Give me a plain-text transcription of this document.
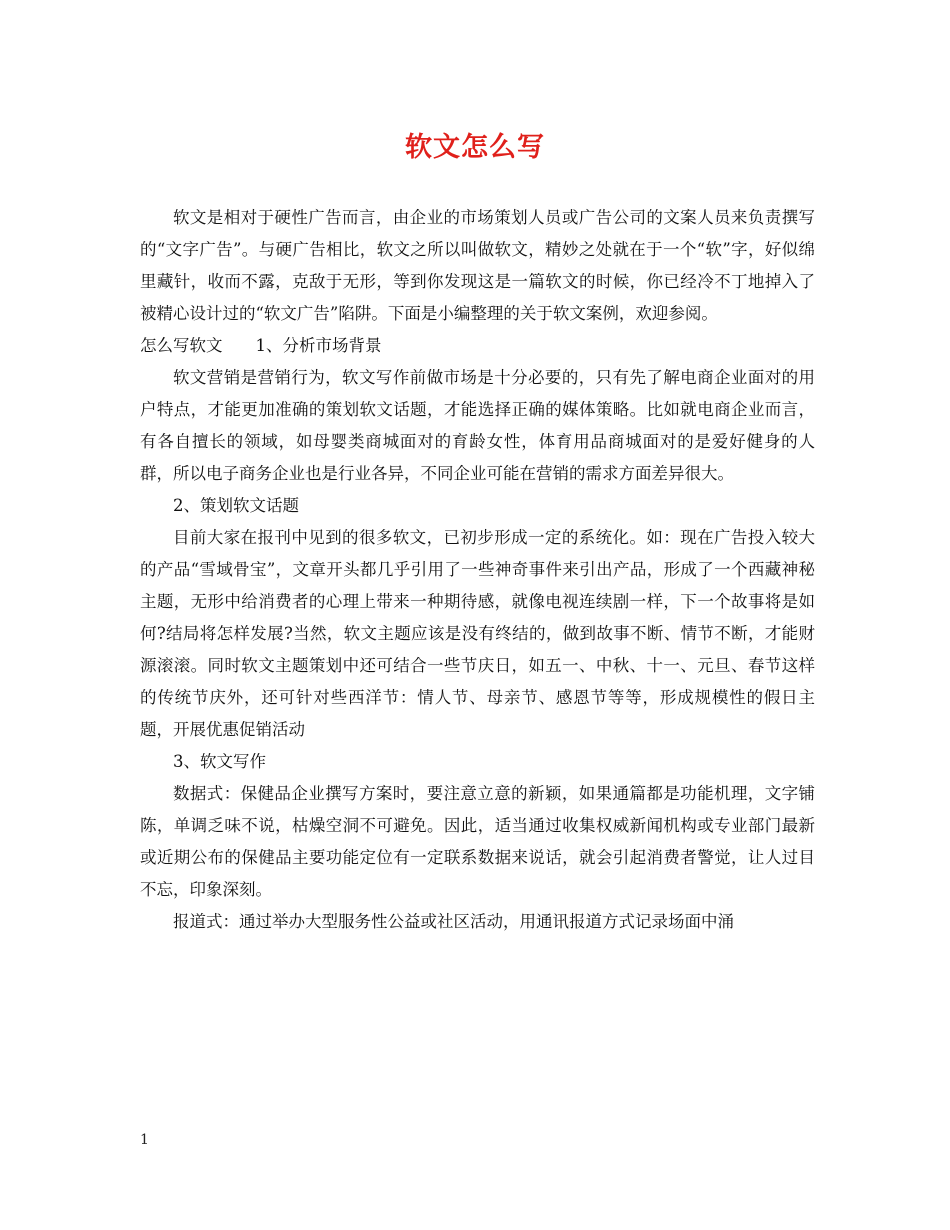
软文怎么写

软文是相对于硬性广告而言，由企业的市场策划人员或广告公司的文案人员来负责撰写的“文字广告”。与硬广告相比，软文之所以叫做软文，精妙之处就在于一个“软”字，好似绵里藏针，收而不露，克敌于无形，等到你发现这是一篇软文的时候，你已经冷不丁地掉入了被精心设计过的“软文广告”陷阱。下面是小编整理的关于软文案例，欢迎参阅。

怎么写软文　　1、分析市场背景

软文营销是营销行为，软文写作前做市场是十分必要的，只有先了解电商企业面对的用户特点，才能更加准确的策划软文话题，才能选择正确的媒体策略。比如就电商企业而言，有各自擅长的领域，如母婴类商城面对的育龄女性，体育用品商城面对的是爱好健身的人群，所以电子商务企业也是行业各异，不同企业可能在营销的需求方面差异很大。

2、策划软文话题

目前大家在报刊中见到的很多软文，已初步形成一定的系统化。如：现在广告投入较大的产品“雪域骨宝”，文章开头都几乎引用了一些神奇事件来引出产品，形成了一个西藏神秘主题，无形中给消费者的心理上带来一种期待感，就像电视连续剧一样，下一个故事将是如何?结局将怎样发展?当然，软文主题应该是没有终结的，做到故事不断、情节不断，才能财源滚滚。同时软文主题策划中还可结合一些节庆日，如五一、中秋、十一、元旦、春节这样的传统节庆外，还可针对些西洋节：情人节、母亲节、感恩节等等，形成规模性的假日主题，开展优惠促销活动

3、软文写作

数据式：保健品企业撰写方案时，要注意立意的新颖，如果通篇都是功能机理，文字铺陈，单调乏味不说，枯燥空洞不可避免。因此，适当通过收集权威新闻机构或专业部门最新或近期公布的保健品主要功能定位有一定联系数据来说话，就会引起消费者警觉，让人过目不忘，印象深刻。

报道式：通过举办大型服务性公益或社区活动，用通讯报道方式记录场面中涌

1
